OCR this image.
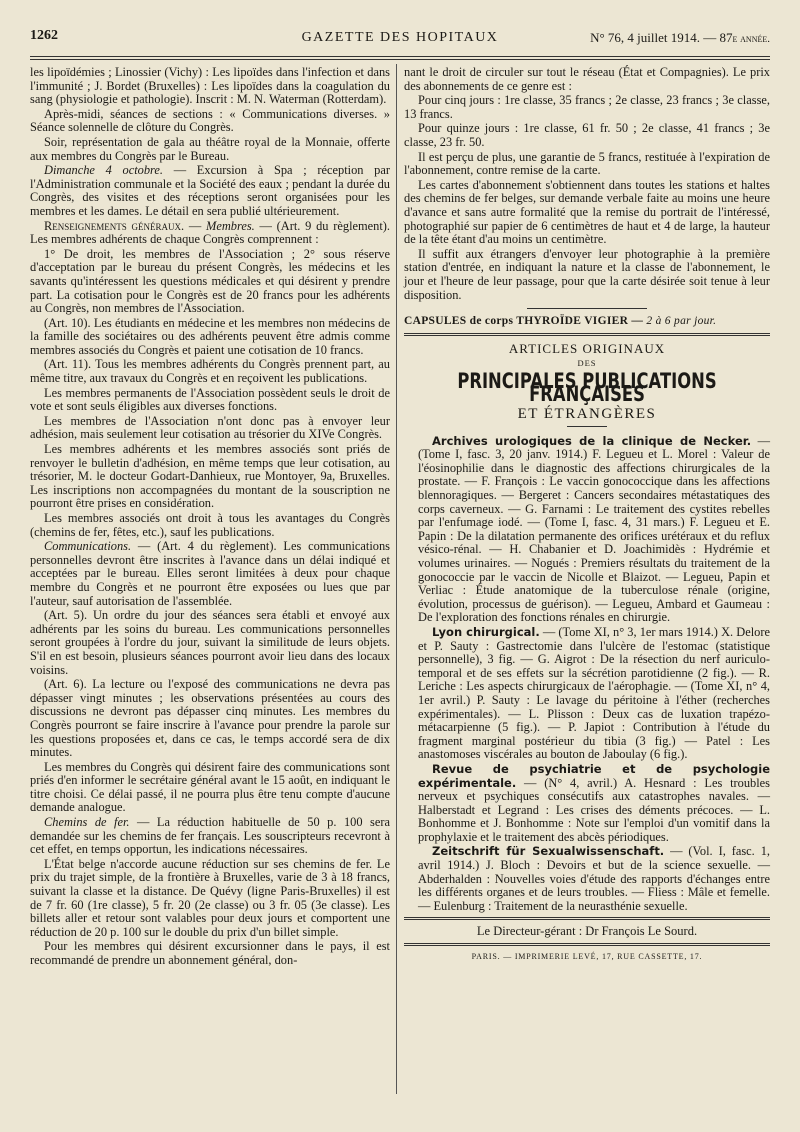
1262	GAZETTE DES HOPITAUX	N° 76, 4 juillet 1914. — 87e année.

les lipoïdémies ; Linossier (Vichy) : Les lipoïdes dans l'infection et dans l'immunité ; J. Bordet (Bruxelles) : Les lipoïdes dans la coagulation du sang (physiologie et pathologie). Inscrit : M. N. Waterman (Rotterdam).

Après-midi, séances de sections : « Communications diverses. » Séance solennelle de clôture du Congrès.

Soir, représentation de gala au théâtre royal de la Monnaie, offerte aux membres du Congrès par le Bureau.

Dimanche 4 octobre. — Excursion à Spa ; réception par l'Administration communale et la Société des eaux ; pendant la durée du Congrès, des visites et des réceptions seront organisées pour les membres et les dames. Le détail en sera publié ultérieurement.

Renseignements généraux. — Membres. — (Art. 9 du règlement). Les membres adhérents de chaque Congrès comprennent :

1° De droit, les membres de l'Association ; 2° sous réserve d'acceptation par le bureau du présent Congrès, les médecins et les savants qu'intéressent les questions médicales et qui désirent y prendre part. La cotisation pour le Congrès est de 20 francs pour les adhérents au Congrès, non membres de l'Association.

(Art. 10). Les étudiants en médecine et les membres non médecins de la famille des sociétaires ou des adhérents peuvent être admis comme membres associés du Congrès et paient une cotisation de 10 francs.

(Art. 11). Tous les membres adhérents du Congrès prennent part, au même titre, aux travaux du Congrès et en reçoivent les publications.

Les membres permanents de l'Association possèdent seuls le droit de vote et sont seuls éligibles aux diverses fonctions.

Les membres de l'Association n'ont donc pas à envoyer leur adhésion, mais seulement leur cotisation au trésorier du XIVe Congrès.

Les membres adhérents et les membres associés sont priés de renvoyer le bulletin d'adhésion, en même temps que leur cotisation, au trésorier, M. le docteur Godart-Danhieux, rue Montoyer, 9a, Bruxelles. Les inscriptions non accompagnées du montant de la souscription ne pourront être prises en considération.

Les membres associés ont droit à tous les avantages du Congrès (chemins de fer, fêtes, etc.), sauf les publications.

Communications. — (Art. 4 du règlement). Les communications personnelles devront être inscrites à l'avance dans un délai indiqué et acceptées par le bureau. Elles seront limitées à deux pour chaque membre du Congrès et ne pourront être exposées ou lues que par l'auteur, sauf autorisation de l'assemblée.

(Art. 5). Un ordre du jour des séances sera établi et envoyé aux adhérents par les soins du bureau. Les communications personnelles seront groupées à l'ordre du jour, suivant la similitude de leurs objets. S'il en est besoin, plusieurs séances pourront avoir lieu dans des locaux voisins.

(Art. 6). La lecture ou l'exposé des communications ne devra pas dépasser vingt minutes ; les observations présentées au cours des discussions ne devront pas dépasser cinq minutes. Les membres du Congrès pourront se faire inscrire à l'avance pour prendre la parole sur les questions proposées et, dans ce cas, le temps accordé sera de dix minutes.

Les membres du Congrès qui désirent faire des communications sont priés d'en informer le secrétaire général avant le 15 août, en indiquant le titre choisi. Ce délai passé, il ne pourra plus être tenu compte d'aucune demande analogue.

Chemins de fer. — La réduction habituelle de 50 p. 100 sera demandée sur les chemins de fer français. Les souscripteurs recevront à cet effet, en temps opportun, les indications nécessaires.

L'État belge n'accorde aucune réduction sur ses chemins de fer. Le prix du trajet simple, de la frontière à Bruxelles, varie de 3 à 18 francs, suivant la classe et la distance. De Quévy (ligne Paris-Bruxelles) il est de 7 fr. 60 (1re classe), 5 fr. 20 (2e classe) ou 3 fr. 05 (3e classe). Les billets aller et retour sont valables pour deux jours et comportent une réduction de 20 p. 100 sur le double du prix d'un billet simple.

Pour les membres qui désirent excursionner dans le pays, il est recommandé de prendre un abonnement général, don-

nant le droit de circuler sur tout le réseau (État et Compagnies). Le prix des abonnements de ce genre est :

Pour cinq jours : 1re classe, 35 francs ; 2e classe, 23 francs ; 3e classe, 13 francs.

Pour quinze jours : 1re classe, 61 fr. 50 ; 2e classe, 41 francs ; 3e classe, 23 fr. 50.

Il est perçu de plus, une garantie de 5 francs, restituée à l'expiration de l'abonnement, contre remise de la carte.

Les cartes d'abonnement s'obtiennent dans toutes les stations et haltes des chemins de fer belges, sur demande verbale faite au moins une heure d'avance et sans autre formalité que la remise du portrait de l'intéressé, photographié sur papier de 6 centimètres de haut et 4 de large, la hauteur de la tête étant d'au moins un centimètre.

Il suffit aux étrangers d'envoyer leur photographie à la première station d'entrée, en indiquant la nature et la classe de l'abonnement, le jour et l'heure de leur passage, pour que la carte désirée soit tenue à leur disposition.

CAPSULES de corps THYROÏDE VIGIER — 2 à 6 par jour.
ARTICLES ORIGINAUX
DES
PRINCIPALES PUBLICATIONS FRANÇAISES
ET ÉTRANGÈRES

Archives urologiques de la clinique de Necker. — (Tome I, fasc. 3, 20 janv. 1914.) F. Legueu et L. Morel : Valeur de l'éosinophilie dans le diagnostic des affections chirurgicales de la prostate. — F. François : Le vaccin gonococcique dans les affections blennoragiques. — Bergeret : Cancers secondaires métastatiques des corps caverneux. — G. Farnami : Le traitement des cystites rebelles par l'enfumage iodé. — (Tome I, fasc. 4, 31 mars.) F. Legueu et E. Papin : De la dilatation permanente des orifices urétéraux et du reflux vésico-rénal. — H. Chabanier et D. Joachimidès : Hydrémie et volumes urinaires. — Nogués : Premiers résultats du traitement de la gonococcie par le vaccin de Nicolle et Blaizot. — Legueu, Papin et Verliac : Étude anatomique de la tuberculose rénale (origine, évolution, processus de guérison). — Legueu, Ambard et Gaumeau : De l'exploration des fonctions rénales en chirurgie.

Lyon chirurgical. — (Tome XI, n° 3, 1er mars 1914.) X. Delore et P. Sauty : Gastrectomie dans l'ulcère de l'estomac (statistique personnelle), 3 fig. — G. Aigrot : De la résection du nerf auriculo-temporal et de ses effets sur la sécrétion parotidienne (2 fig.). — R. Leriche : Les aspects chirurgicaux de l'aérophagie. — (Tome XI, n° 4, 1er avril.) P. Sauty : Le lavage du péritoine à l'éther (recherches expérimentales). — L. Plisson : Deux cas de luxation trapézo-métacarpienne (5 fig.). — P. Japiot : Contribution à l'étude du fragment marginal postérieur du tibia (3 fig.) — Patel : Les anastomoses viscérales au bouton de Jaboulay (6 fig.).

Revue de psychiatrie et de psychologie expérimentale. — (N° 4, avril.) A. Hesnard : Les troubles nerveux et psychiques consécutifs aux catastrophes navales. — Halberstadt et Legrand : Les crises des déments précoces. — L. Bonhomme et J. Bonhomme : Note sur l'emploi d'un vomitif dans la prophylaxie et le traitement des abcès périodiques.

Zeitschrift für Sexualwissenschaft. — (Vol. I, fasc. 1, avril 1914.) J. Bloch : Devoirs et but de la science sexuelle. — Abderhalden : Nouvelles voies d'étude des rapports d'échanges entre les différents organes et de leurs troubles. — Fliess : Mâle et femelle. — Eulenburg : Traitement de la neurasthénie sexuelle.

Le Directeur-gérant : Dr François Le Sourd.
PARIS. — IMPRIMERIE LEVÉ, 17, RUE CASSETTE, 17.
